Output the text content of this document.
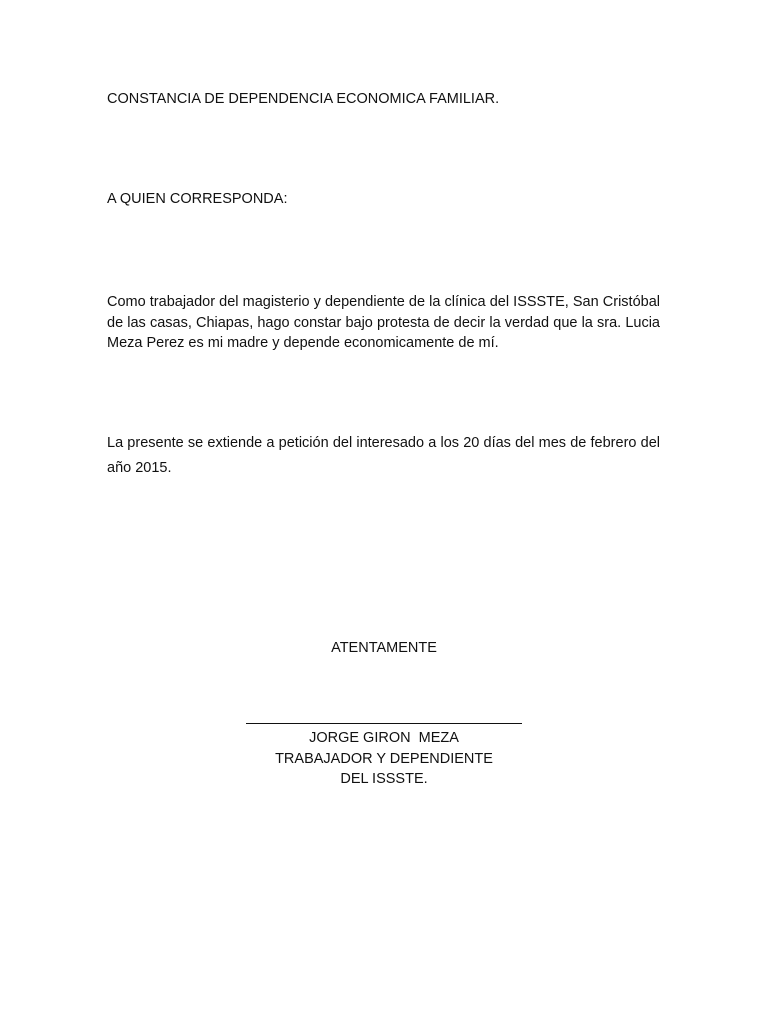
CONSTANCIA DE DEPENDENCIA ECONOMICA FAMILIAR.

A QUIEN CORRESPONDA:

Como trabajador del magisterio y dependiente de la clínica del ISSSTE, San Cristóbal de las casas, Chiapas, hago constar bajo protesta de decir la verdad que la sra. Lucia Meza Perez es mi madre y depende economicamente de mí.

La presente se extiende a petición del interesado a los 20 días del mes de febrero del año 2015.

ATENTAMENTE

JORGE GIRON  MEZA
TRABAJADOR Y DEPENDIENTE
DEL ISSSTE.
